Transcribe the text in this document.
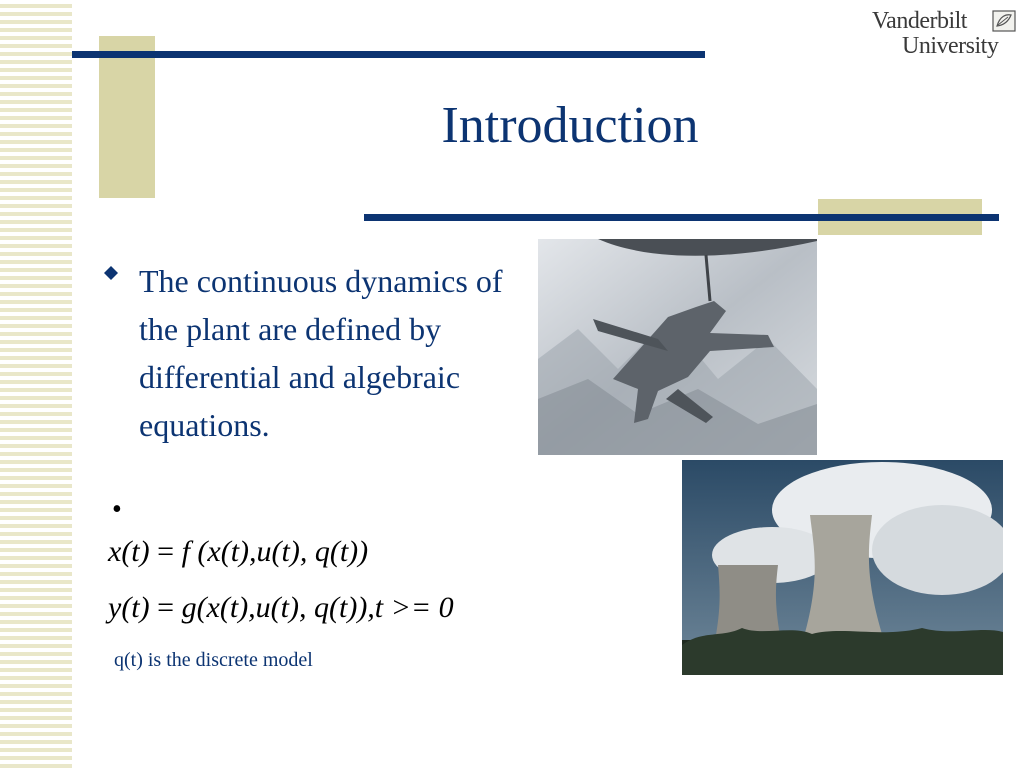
Vanderbilt
University
Introduction

The continuous dynamics of the plant are defined by differential and algebraic equations.

•
x(t) = f (x(t),u(t), q(t))
y(t) = g(x(t),u(t), q(t)),t >= 0
q(t) is the discrete model
